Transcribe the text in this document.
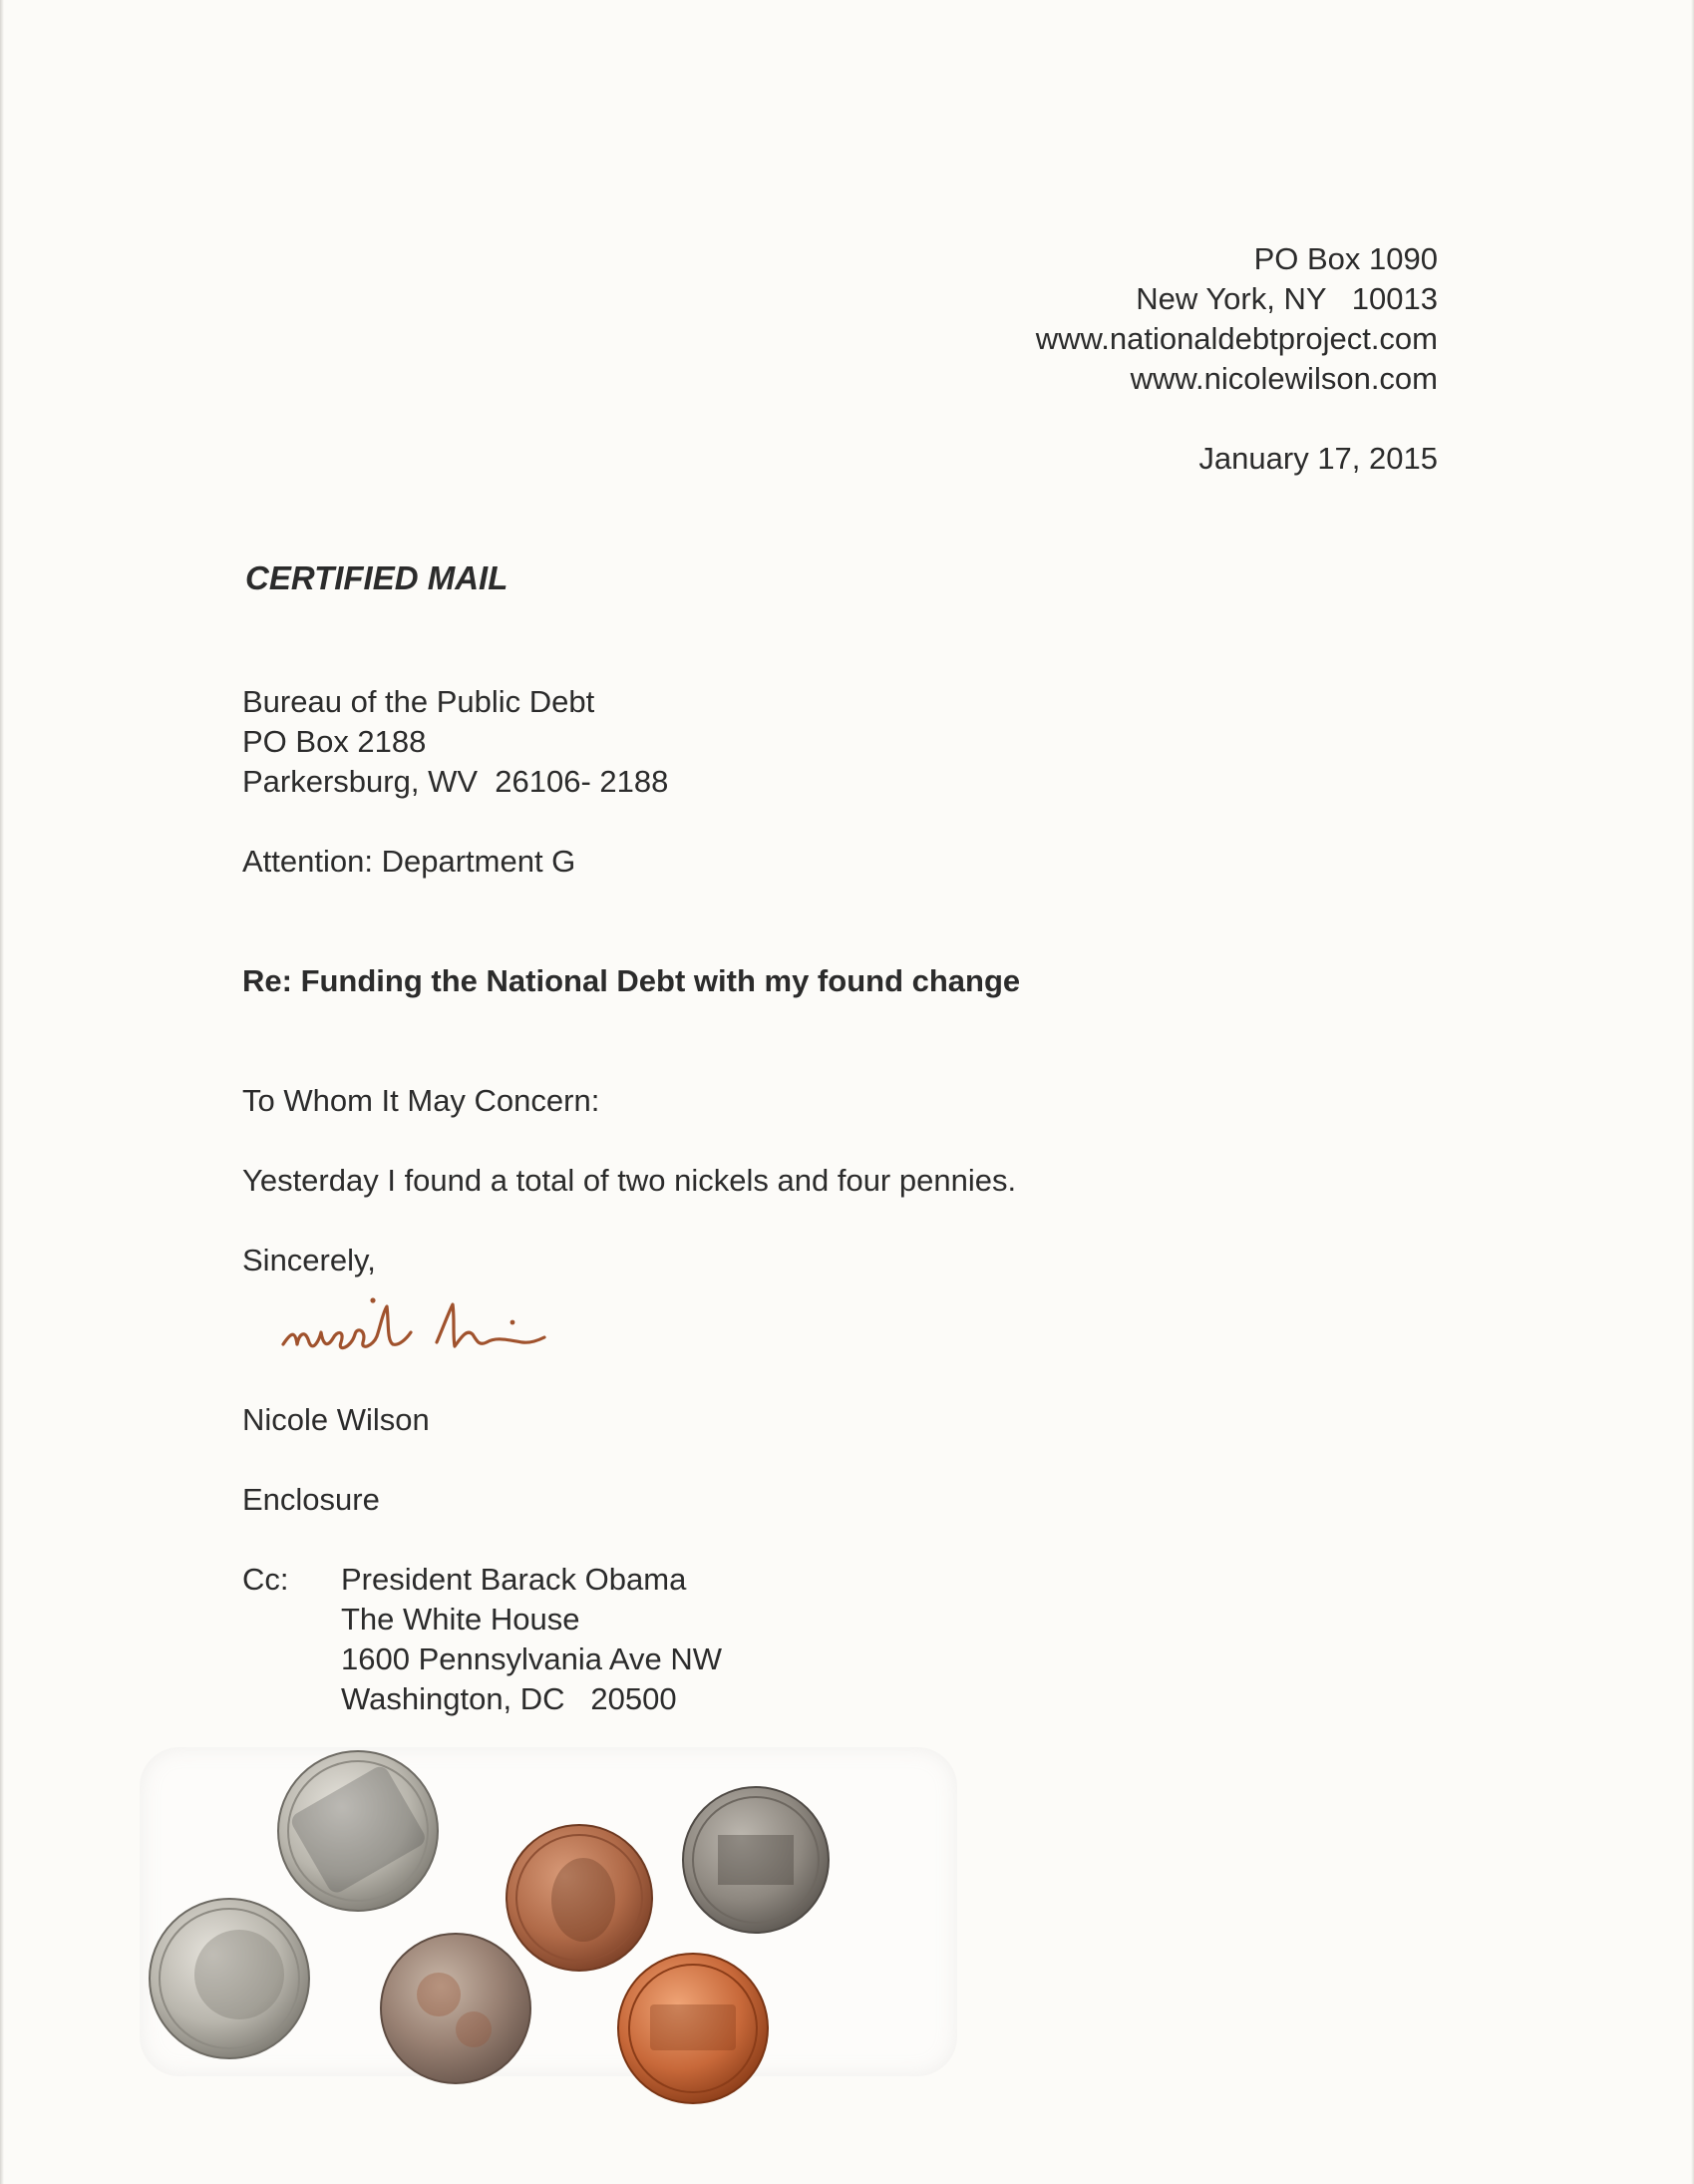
PO Box 1090
New York, NY   10013
www.nationaldebtproject.com
www.nicolewilson.com
January 17, 2015
CERTIFIED MAIL
Bureau of the Public Debt
PO Box 2188
Parkersburg, WV  26106- 2188
Attention: Department G
Re: Funding the National Debt with my found change
To Whom It May Concern:
Yesterday I found a total of two nickels and four pennies.
Sincerely,
Nicole Wilson
Enclosure
Cc: President Barack Obama
The White House
1600 Pennsylvania Ave NW
Washington, DC   20500
